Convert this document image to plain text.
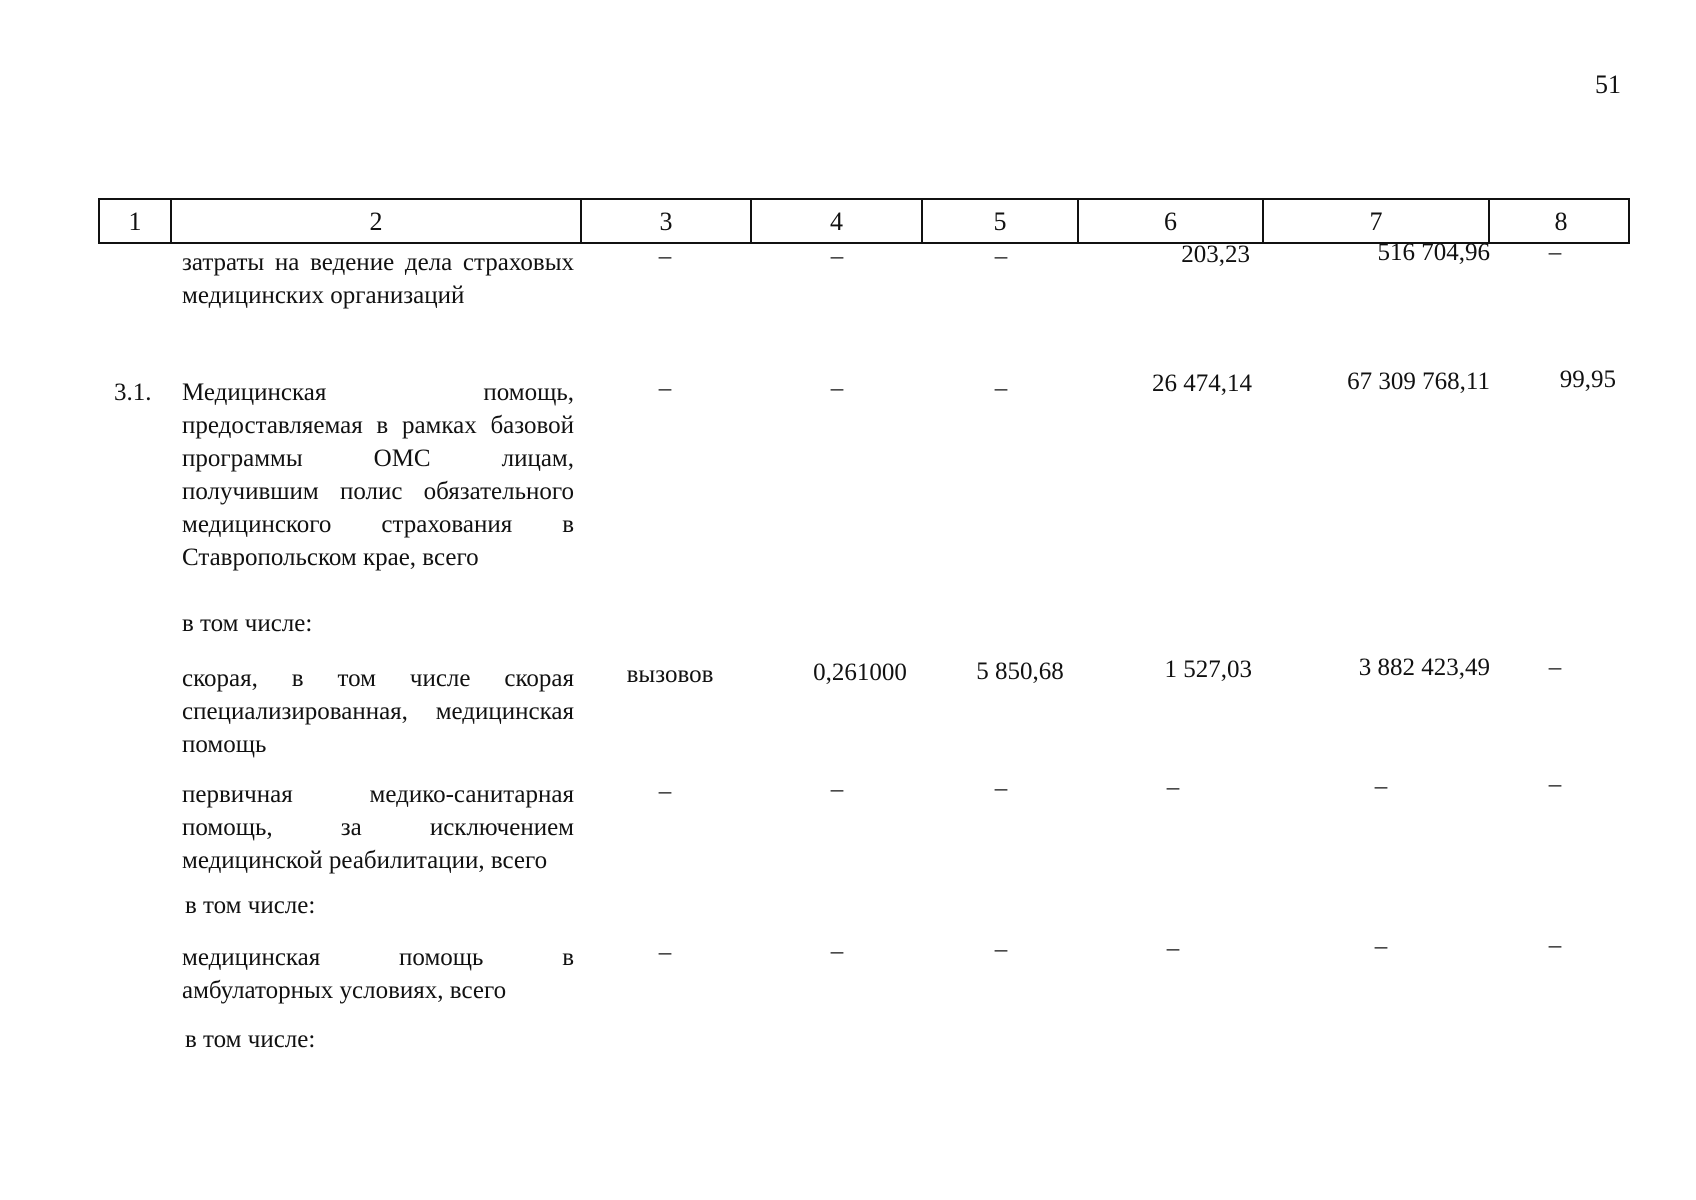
51
1	2	3	4	5	6	7	8
затраты на ведение дела страховых медицинских организаций
–	–	–	203,23	516 704,96	–
3.1. Медицинская помощь, предоставляемая в рамках базовой программы ОМС лицам, получившим полис обязательного медицинского страхования в Ставропольском крае, всего
–	–	–	26 474,14	67 309 768,11	99,95
в том числе:
скорая, в том числе скорая специализированная, медицинская помощь
вызовов	0,261000	5 850,68	1 527,03	3 882 423,49	–
первичная медико-санитарная помощь, за исключением медицинской реабилитации, всего
–	–	–	–	–	–
в том числе:
медицинская помощь в амбулаторных условиях, всего
–	–	–	–	–	–
в том числе:
